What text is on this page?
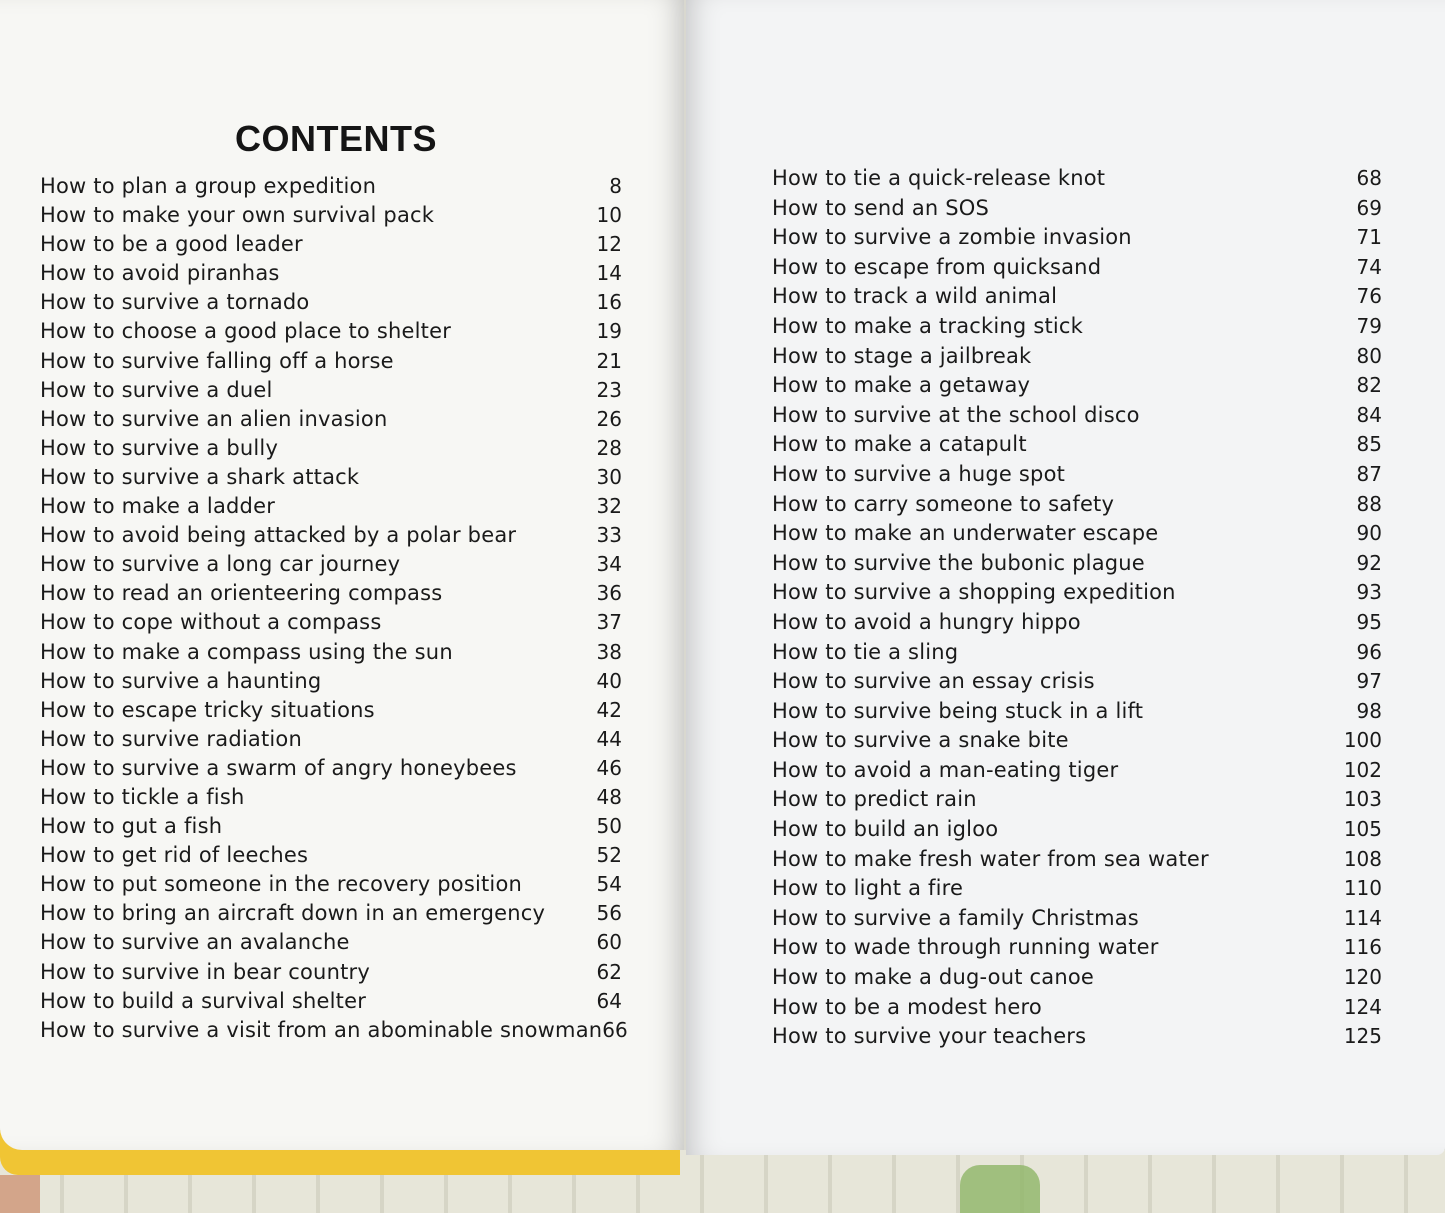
CONTENTS
How to plan a group expedition	8
How to make your own survival pack	10
How to be a good leader	12
How to avoid piranhas	14
How to survive a tornado	16
How to choose a good place to shelter	19
How to survive falling off a horse	21
How to survive a duel	23
How to survive an alien invasion	26
How to survive a bully	28
How to survive a shark attack	30
How to make a ladder	32
How to avoid being attacked by a polar bear	33
How to survive a long car journey	34
How to read an orienteering compass	36
How to cope without a compass	37
How to make a compass using the sun	38
How to survive a haunting	40
How to escape tricky situations	42
How to survive radiation	44
How to survive a swarm of angry honeybees	46
How to tickle a fish	48
How to gut a fish	50
How to get rid of leeches	52
How to put someone in the recovery position	54
How to bring an aircraft down in an emergency	56
How to survive an avalanche	60
How to survive in bear country	62
How to build a survival shelter	64
How to survive a visit from an abominable snowman 66
How to tie a quick-release knot	68
How to send an SOS	69
How to survive a zombie invasion	71
How to escape from quicksand	74
How to track a wild animal	76
How to make a tracking stick	79
How to stage a jailbreak	80
How to make a getaway	82
How to survive at the school disco	84
How to make a catapult	85
How to survive a huge spot	87
How to carry someone to safety	88
How to make an underwater escape	90
How to survive the bubonic plague	92
How to survive a shopping expedition	93
How to avoid a hungry hippo	95
How to tie a sling	96
How to survive an essay crisis	97
How to survive being stuck in a lift	98
How to survive a snake bite	100
How to avoid a man-eating tiger	102
How to predict rain	103
How to build an igloo	105
How to make fresh water from sea water	108
How to light a fire	110
How to survive a family Christmas	114
How to wade through running water	116
How to make a dug-out canoe	120
How to be a modest hero	124
How to survive your teachers	125
